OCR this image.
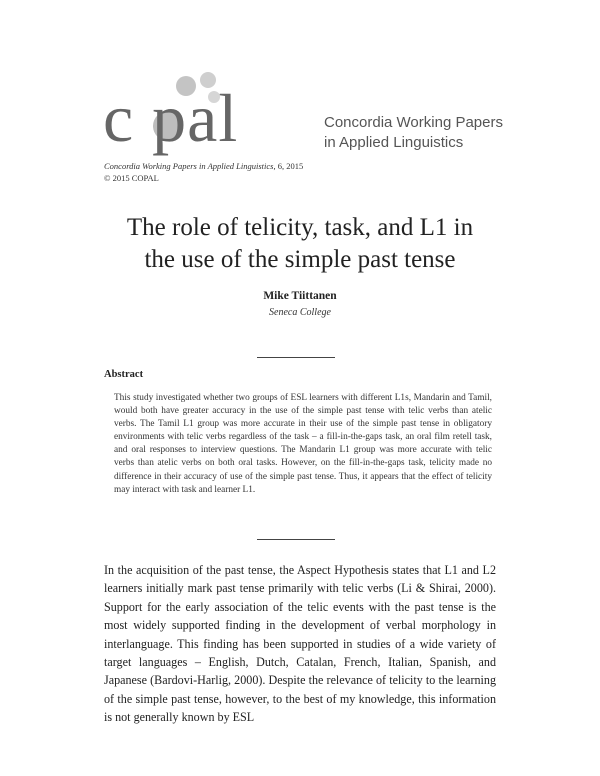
c pal	Concordia Working Papers
in Applied Linguistics
Concordia Working Papers in Applied Linguistics, 6, 2015
© 2015 COPAL
The role of telicity, task, and L1 in
the use of the simple past tense
Mike Tiittanen
Seneca College
Abstract
This study investigated whether two groups of ESL learners with different L1s, Mandarin and Tamil, would both have greater accuracy in the use of the simple past tense with telic verbs than atelic verbs. The Tamil L1 group was more accurate in their use of the simple past tense in obligatory environments with telic verbs regardless of the task – a fill-in-the-gaps task, an oral film retell task, and oral responses to interview questions. The Mandarin L1 group was more accurate with telic verbs than atelic verbs on both oral tasks. However, on the fill-in-the-gaps task, telicity made no difference in their accuracy of use of the simple past tense. Thus, it appears that the effect of telicity may interact with task and learner L1.
In the acquisition of the past tense, the Aspect Hypothesis states that L1 and L2 learners initially mark past tense primarily with telic verbs (Li & Shirai, 2000). Support for the early association of the telic events with the past tense is the most widely supported finding in the development of verbal morphology in interlanguage. This finding has been supported in studies of a wide variety of target languages – English, Dutch, Catalan, French, Italian, Spanish, and Japanese (Bardovi-Harlig, 2000). Despite the relevance of telicity to the learning of the simple past tense, however, to the best of my knowledge, this information is not generally known by ESL
